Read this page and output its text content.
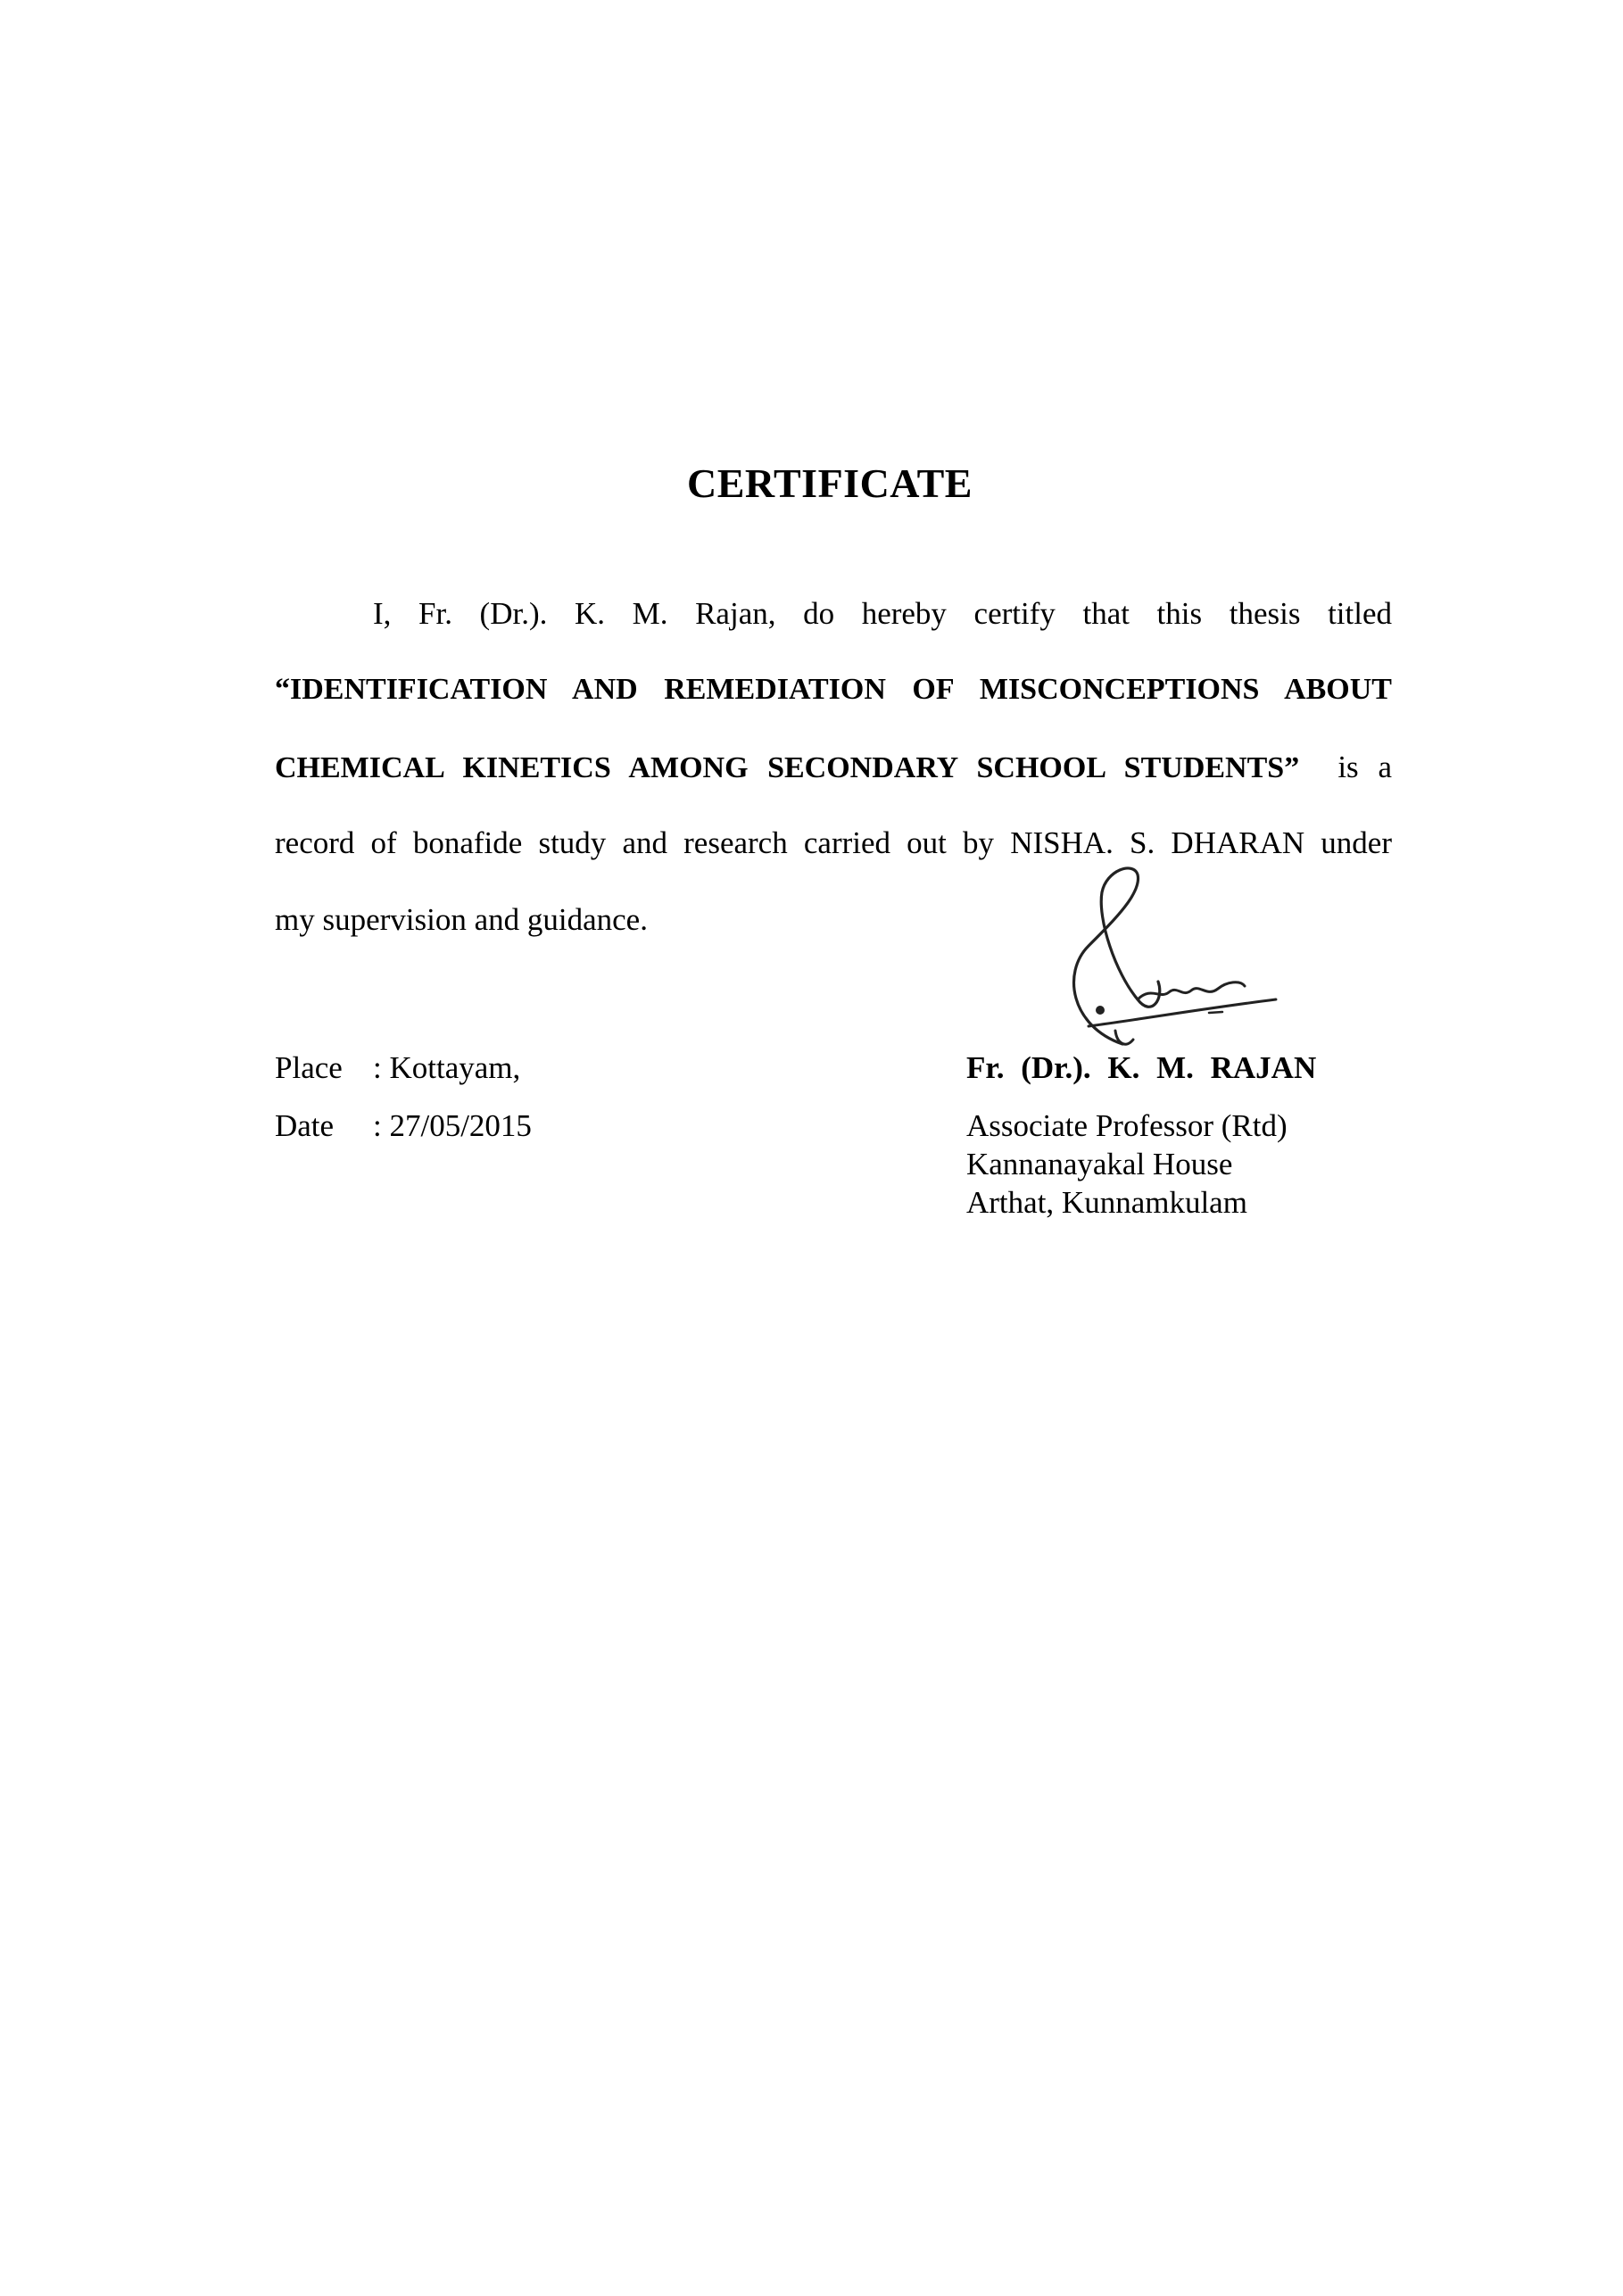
CERTIFICATE
I, Fr. (Dr.). K. M. Rajan, do hereby certify that this thesis titled
“IDENTIFICATION AND REMEDIATION OF MISCONCEPTIONS ABOUT
CHEMICAL KINETICS AMONG SECONDARY SCHOOL STUDENTS” is a
record of bonafide study and research carried out by NISHA. S. DHARAN under
my supervision and guidance.
Place : Kottayam,
Date : 27/05/2015
Fr. (Dr.). K. M. RAJAN
Associate Professor (Rtd)
Kannanayakal House
Arthat, Kunnamkulam
